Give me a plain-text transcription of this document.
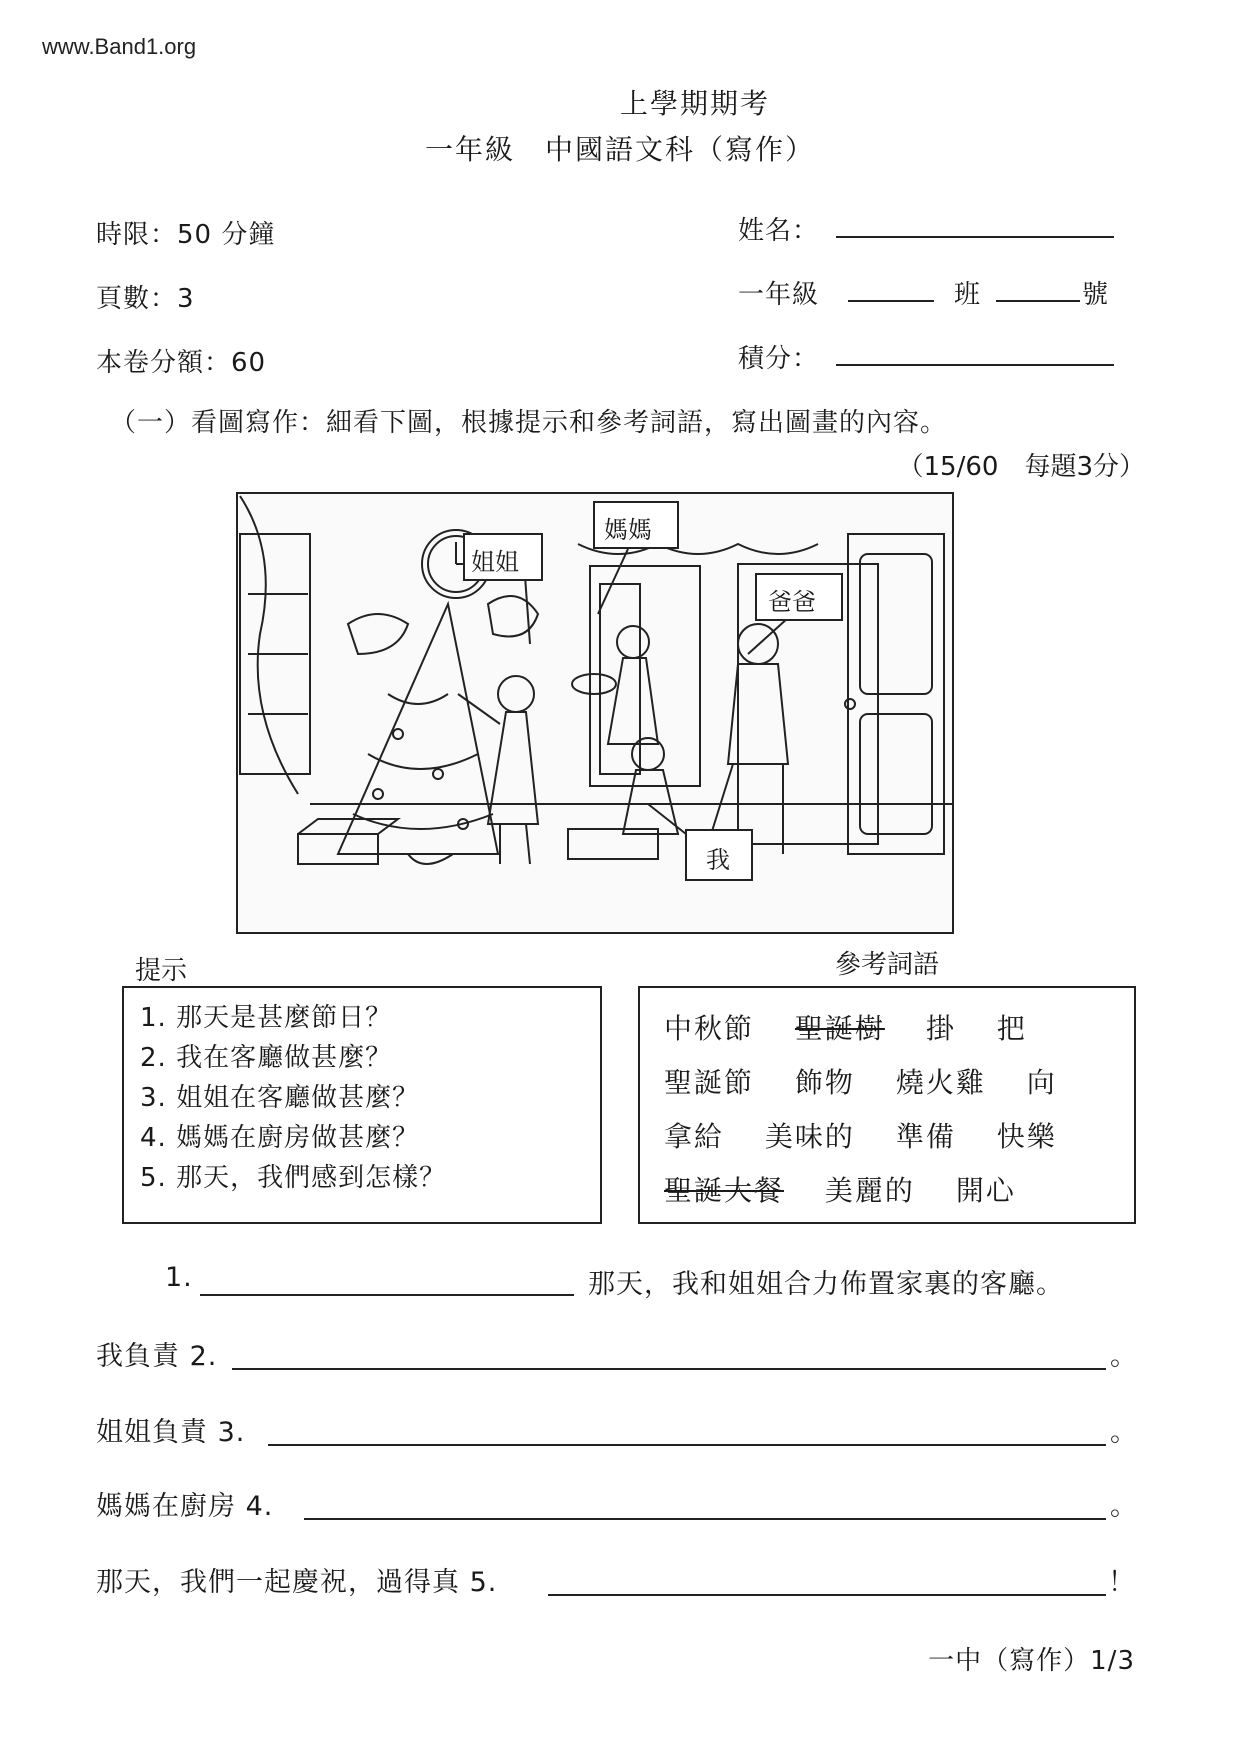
www.Band1.org
上學期期考
一年級　中國語文科（寫作）
時限：50 分鐘
頁數：3
本卷分額：60
姓名：
一年級	班	號
積分：
（一）看圖寫作：細看下圖，根據提示和參考詞語，寫出圖畫的內容。
（15/60　每題3分）
姐姐
媽媽
爸爸
我
提示	參考詞語
1. 那天是甚麼節日？
2. 我在客廳做甚麼？
3. 姐姐在客廳做甚麼？
4. 媽媽在廚房做甚麼？
5. 那天，我們感到怎樣？
中秋節　 聖誕樹　 掛　 把
聖誕節　 飾物　 燒火雞　 向
拿給　 美味的　 準備　 快樂
聖誕大餐　 美麗的　 開心
1.	那天，我和姐姐合力佈置家裏的客廳。
我負責 2.	。
姐姐負責 3.	。
媽媽在廚房 4.	。
那天，我們一起慶祝，過得真 5.	！
一中（寫作）1/3
